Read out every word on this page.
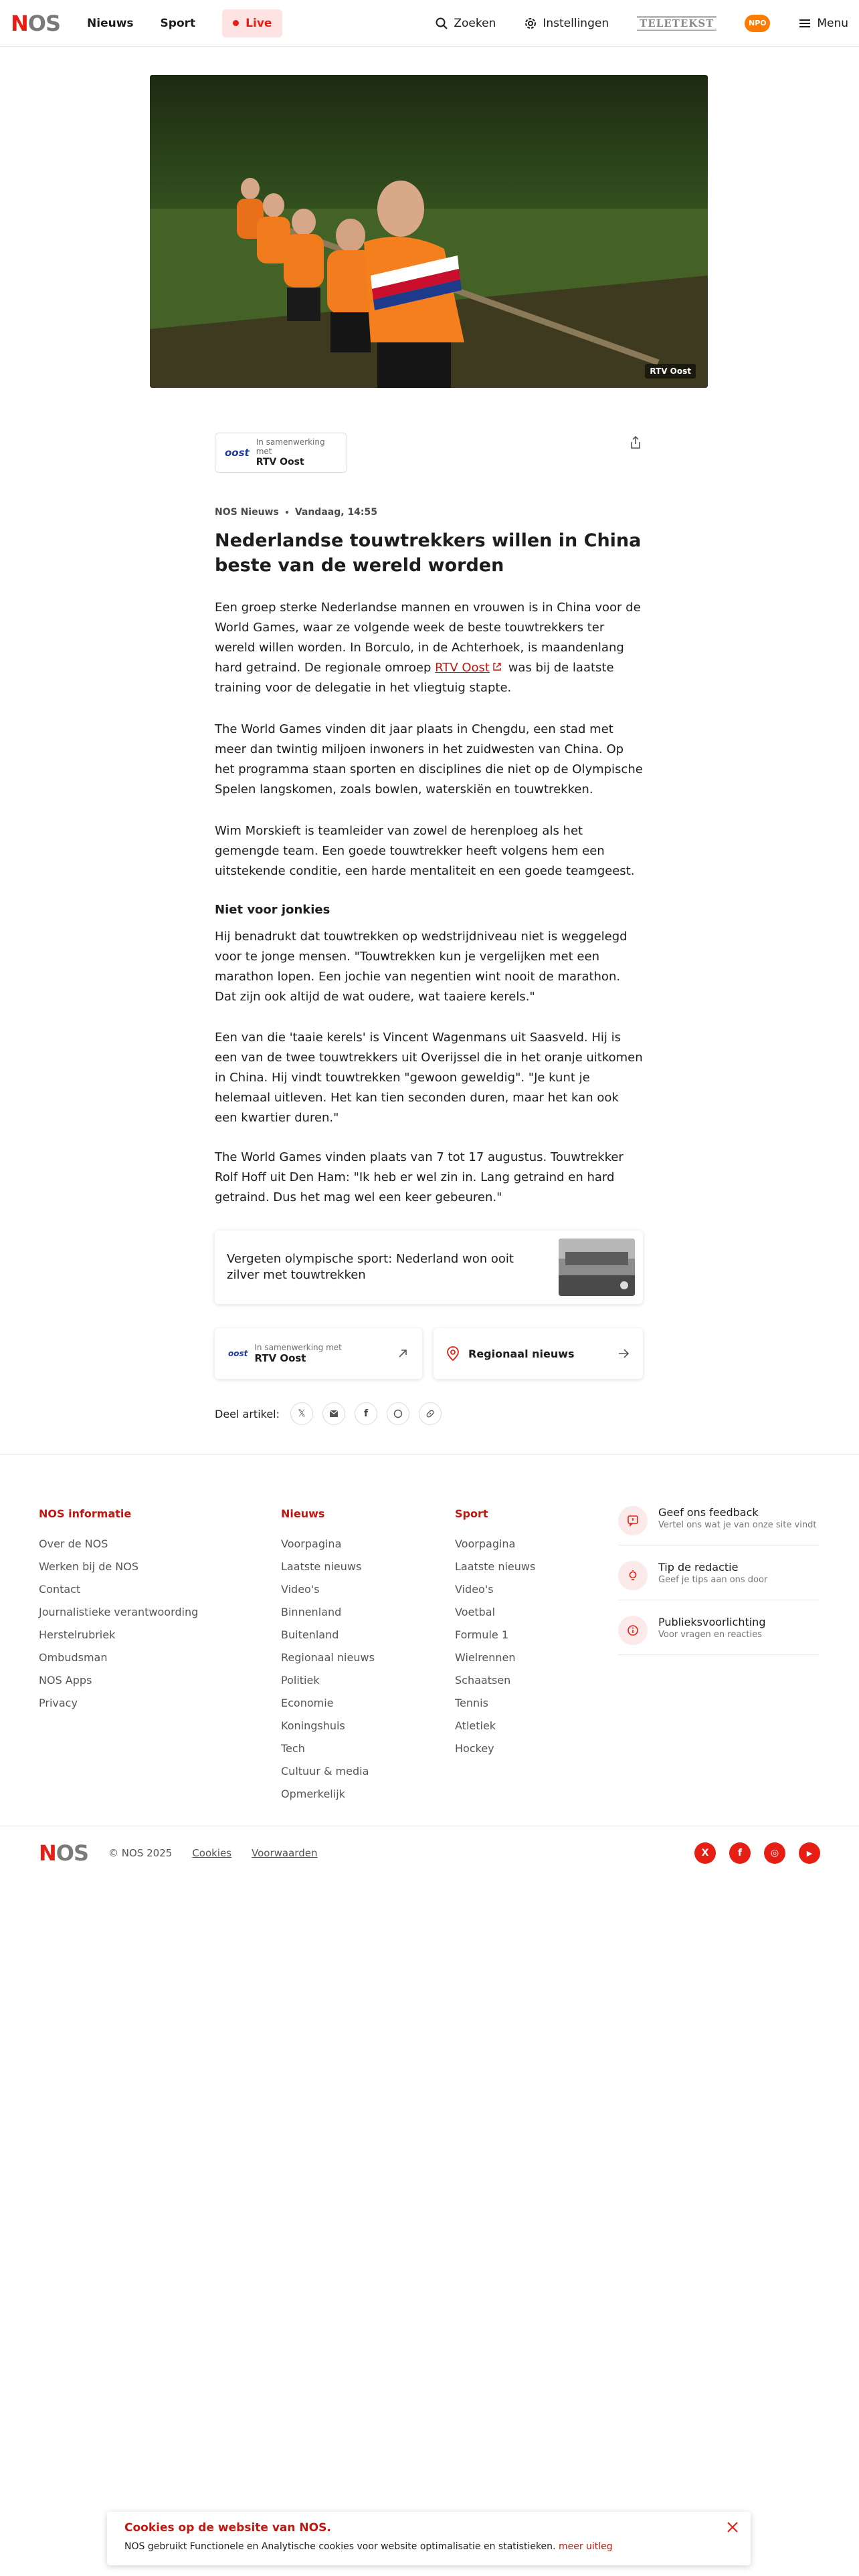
N OS Nieuws Sport	Live	Zoeken	Instellingen	TELETEKST	NPO	Menu
RTV Oost
oost
In samenwerking met
RTV Oost
NOS Nieuws Vandaag, 14:55
Nederlandse touwtrekkers willen in China beste van de wereld worden

Een groep sterke Nederlandse mannen en vrouwen is in China voor de World Games, waar ze volgende week de beste touwtrekkers ter wereld willen worden. In Borculo, in de Achterhoek, is maandenlang hard getraind. De regionale omroep RTV Oost was bij de laatste training voor de delegatie in het vliegtuig stapte.

The World Games vinden dit jaar plaats in Chengdu, een stad met meer dan twintig miljoen inwoners in het zuidwesten van China. Op het programma staan sporten en disciplines die niet op de Olympische Spelen langskomen, zoals bowlen, waterskiën en touwtrekken.

Wim Morskieft is teamleider van zowel de herenploeg als het gemengde team. Een goede touwtrekker heeft volgens hem een uitstekende conditie, een harde mentaliteit en een goede teamgeest.

Niet voor jonkies

Hij benadrukt dat touwtrekken op wedstrijdniveau niet is weggelegd voor te jonge mensen. "Touwtrekken kun je vergelijken met een marathon lopen. Een jochie van negentien wint nooit de marathon. Dat zijn ook altijd de wat oudere, wat taaiere kerels."

Een van die 'taaie kerels' is Vincent Wagenmans uit Saasveld. Hij is een van de twee touwtrekkers uit Overijssel die in het oranje uitkomen in China. Hij vindt touwtrekken "gewoon geweldig". "Je kunt je helemaal uitleven. Het kan tien seconden duren, maar het kan ook een kwartier duren."

The World Games vinden plaats van 7 tot 17 augustus. Touwtrekker Rolf Hoff uit Den Ham: "Ik heb er wel zin in. Lang getraind en hard getraind. Dus het mag wel een keer gebeuren."

Vergeten olympische sport: Nederland won ooit zilver met touwtrekken
oost
In samenwerking met
RTV Oost	Regionaal nieuws
Deel artikel: 𝕏	f
NOS informatie
Over de NOS
Werken bij de NOS
Contact
Journalistieke verantwoording
Herstelrubriek
Ombudsman
NOS Apps
Privacy
Nieuws
Voorpagina
Laatste nieuws
Video's
Binnenland
Buitenland
Regionaal nieuws
Politiek
Economie
Koningshuis
Tech
Cultuur & media
Opmerkelijk
Sport
Voorpagina
Laatste nieuws
Video's
Voetbal
Formule 1
Wielrennen
Schaatsen
Tennis
Atletiek
Hockey
Geef ons feedback
Vertel ons wat je van onze site vindt
Tip de redactie
Geef je tips aan ons door
Publieksvoorlichting
Voor vragen en reacties
NOS © NOS 2025 Cookies Voorwaarden	X	f	◎	▶
Cookies op de website van NOS.
NOS gebruikt Functionele en Analytische cookies voor website optimalisatie en statistieken. meer uitleg
